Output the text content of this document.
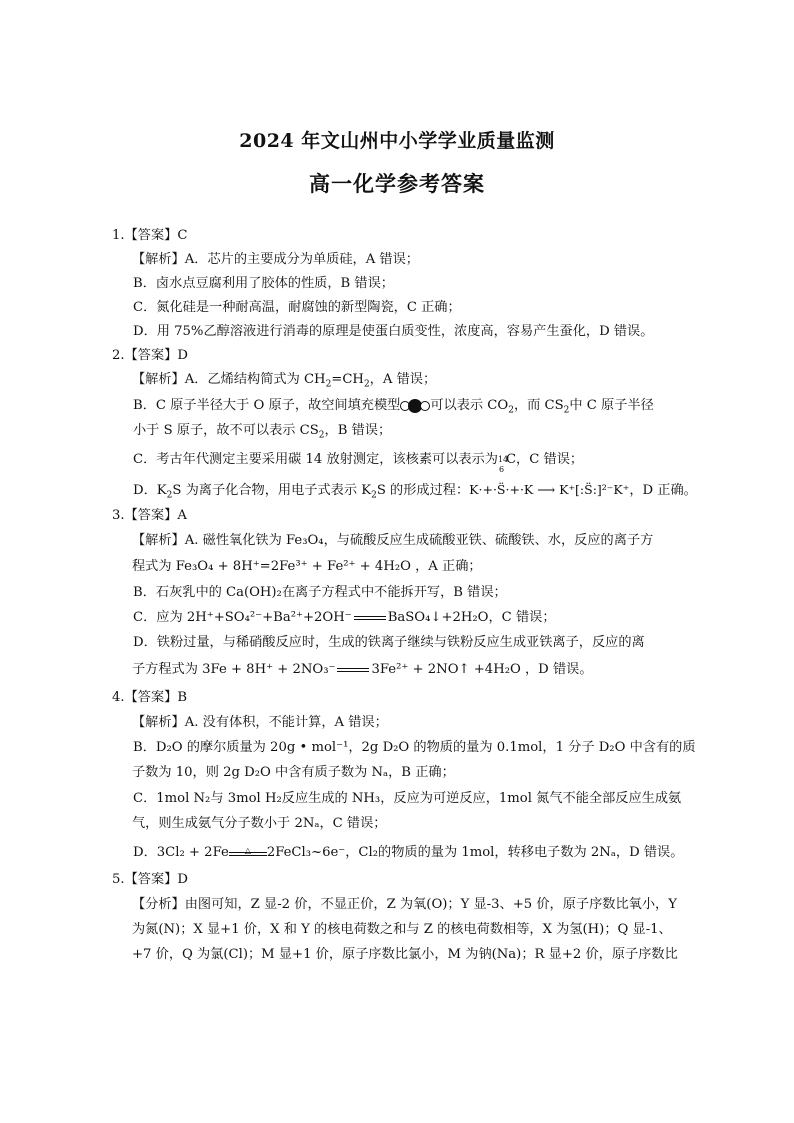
2024 年文山州中小学学业质量监测
高一化学参考答案
1.【答案】C
【解析】A．芯片的主要成分为单质硅，A 错误；
B．卤水点豆腐利用了胶体的性质，B 错误；
C．氮化硅是一种耐高温，耐腐蚀的新型陶瓷，C 正确；
D．用 75%乙醇溶液进行消毒的原理是使蛋白质变性，浓度高，容易产生蚕化，D 错误。
2.【答案】D
【解析】A．乙烯结构简式为 $CH_2=CH_2$，A 错误；
B．C 原子半径大于 O 原子，故空间填充模型 可以表示 $CO_2$，而 $CS_2$中 C 原子半径
小于 S 原子，故不可以表示 $CS_2$，B 错误；
C．考古年代测定主要采用碳 14 放射测定，该核素可以表示为 14
6
C，C 错误；
D．$K_2S$ 为离子化合物，用电子式表示 $K_2S$ 的形成过程：K·+·S̈·+·K ⟶ K⁺[:S̈:]²⁻K⁺，D 正确。
3.【答案】A
【解析】A. 磁性氧化铁为 Fe₃O₄，与硫酸反应生成硫酸亚铁、硫酸铁、水，反应的离子方
程式为 Fe₃O₄ + 8H⁺=2Fe³⁺ + Fe²⁺ + 4H₂O ，A 正确；
B．石灰乳中的 Ca(OH)₂在离子方程式中不能拆开写，B 错误；
C．应为 2H⁺+SO₄²⁻+Ba²⁺+2OH⁻	BaSO₄↓+2H₂O，C 错误；
D．铁粉过量，与稀硝酸反应时，生成的铁离子继续与铁粉反应生成亚铁离子，反应的离
子方程式为 3Fe + 8H⁺ + 2NO₃⁻	3Fe²⁺ + 2NO↑ +4H₂O ，D 错误。
4.【答案】B
【解析】A. 没有体积，不能计算，A 错误；
B．D₂O 的摩尔质量为 20g • mol⁻¹，2g D₂O 的物质的量为 0.1mol，1 分子 D₂O 中含有的质
子数为 10，则 2g D₂O 中含有质子数为 Nₐ，B 正确；
C．1mol N₂与 3mol H₂反应生成的 NH₃，反应为可逆反应，1mol 氮气不能全部反应生成氨
气，则生成氨气分子数小于 2Nₐ，C 错误；
D．3Cl₂ + 2Fe	△	2FeCl₃~6e⁻，Cl₂的物质的量为 1mol，转移电子数为 2Nₐ，D 错误。
5.【答案】D
【分析】由图可知，Z 显-2 价，不显正价，Z 为氧(O)；Y 显-3、+5 价，原子序数比氧小，Y
为氮(N)；X 显+1 价，X 和 Y 的核电荷数之和与 Z 的核电荷数相等，X 为氢(H)；Q 显-1、
+7 价，Q 为氯(Cl)；M 显+1 价，原子序数比氯小，M 为钠(Na)；R 显+2 价，原子序数比
